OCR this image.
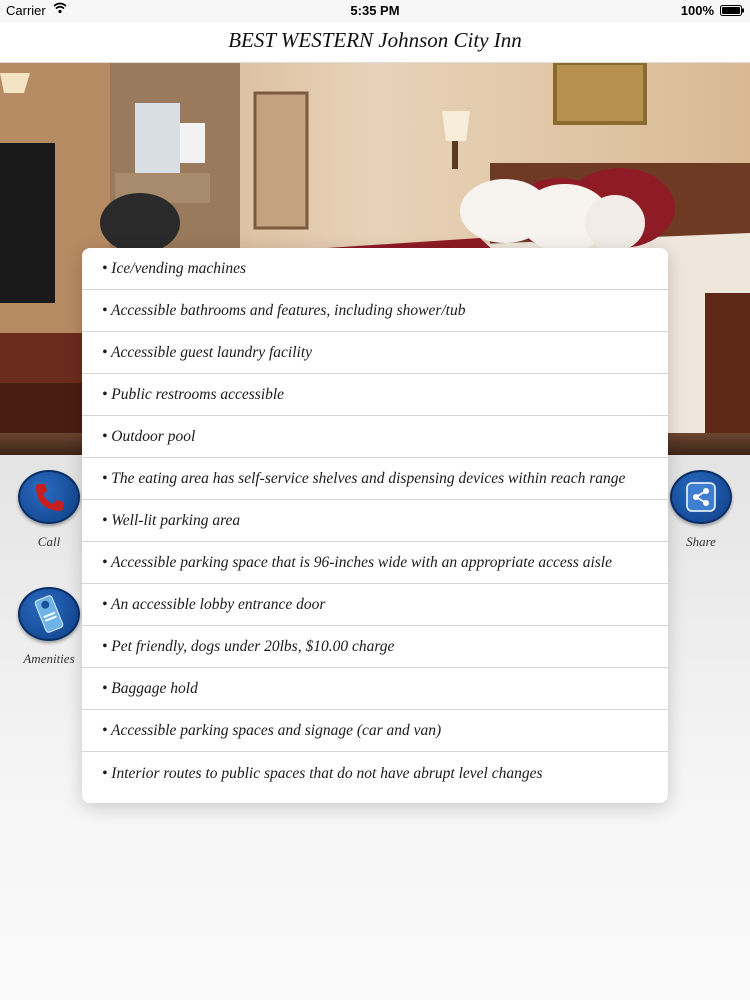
Carrier	5:35 PM	100%
BEST WESTERN Johnson City Inn
Call	Share
Amenities
• Ice/vending machines
• Accessible bathrooms and features, including shower/tub
• Accessible guest laundry facility
• Public restrooms accessible
• Outdoor pool
• The eating area has self-service shelves and dispensing devices within reach range
• Well-lit parking area
• Accessible parking space that is 96-inches wide with an appropriate access aisle
• An accessible lobby entrance door
• Pet friendly, dogs under 20lbs, $10.00 charge
• Baggage hold
• Accessible parking spaces and signage (car and van)
• Interior routes to public spaces that do not have abrupt level changes
